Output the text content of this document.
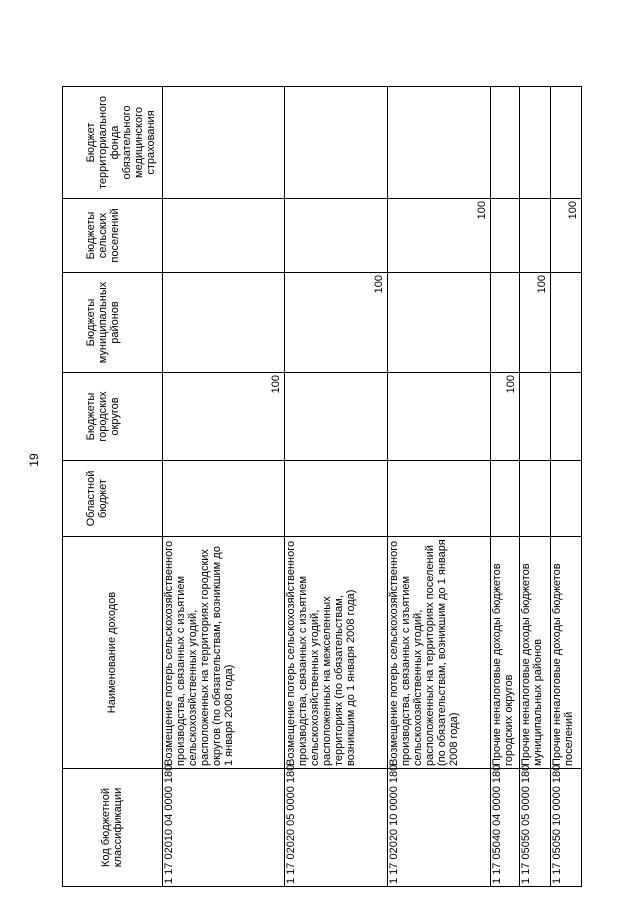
19
Код бюджетной классификации	Наименование доходов	Областной бюджет	Бюджеты городских округов	Бюджеты муниципальных районов	Бюджеты сельских поселений	Бюджет территориального фонда обязательного медицинского страхования
1 17 02010 04 0000 180	Возмещение потерь сельскохозяйственного производства, связанных с изъятием сельскохозяйственных угодий, расположенных на территориях городских округов (по обязательствам, возникшим до 1 января 2008 года)		100			
1 17 02020 05 0000 180	Возмещение потерь сельскохозяйственного производства, связанных с изъятием сельскохозяйственных угодий, расположенных на межселенных территориях (по обязательствам, возникшим до 1 января 2008 года)			100		
1 17 02020 10 0000 180	Возмещение потерь сельскохозяйственного производства, связанных с изъятием сельскохозяйственных угодий, расположенных на территориях поселений (по обязательствам, возникшим до 1 января 2008 года)				100	
1 17 05040 04 0000 180	Прочие неналоговые доходы бюджетов городских округов		100			
1 17 05050 05 0000 180	Прочие неналоговые доходы бюджетов муниципальных районов			100		
1 17 05050 10 0000 180	Прочие неналоговые доходы бюджетов поселений				100	
